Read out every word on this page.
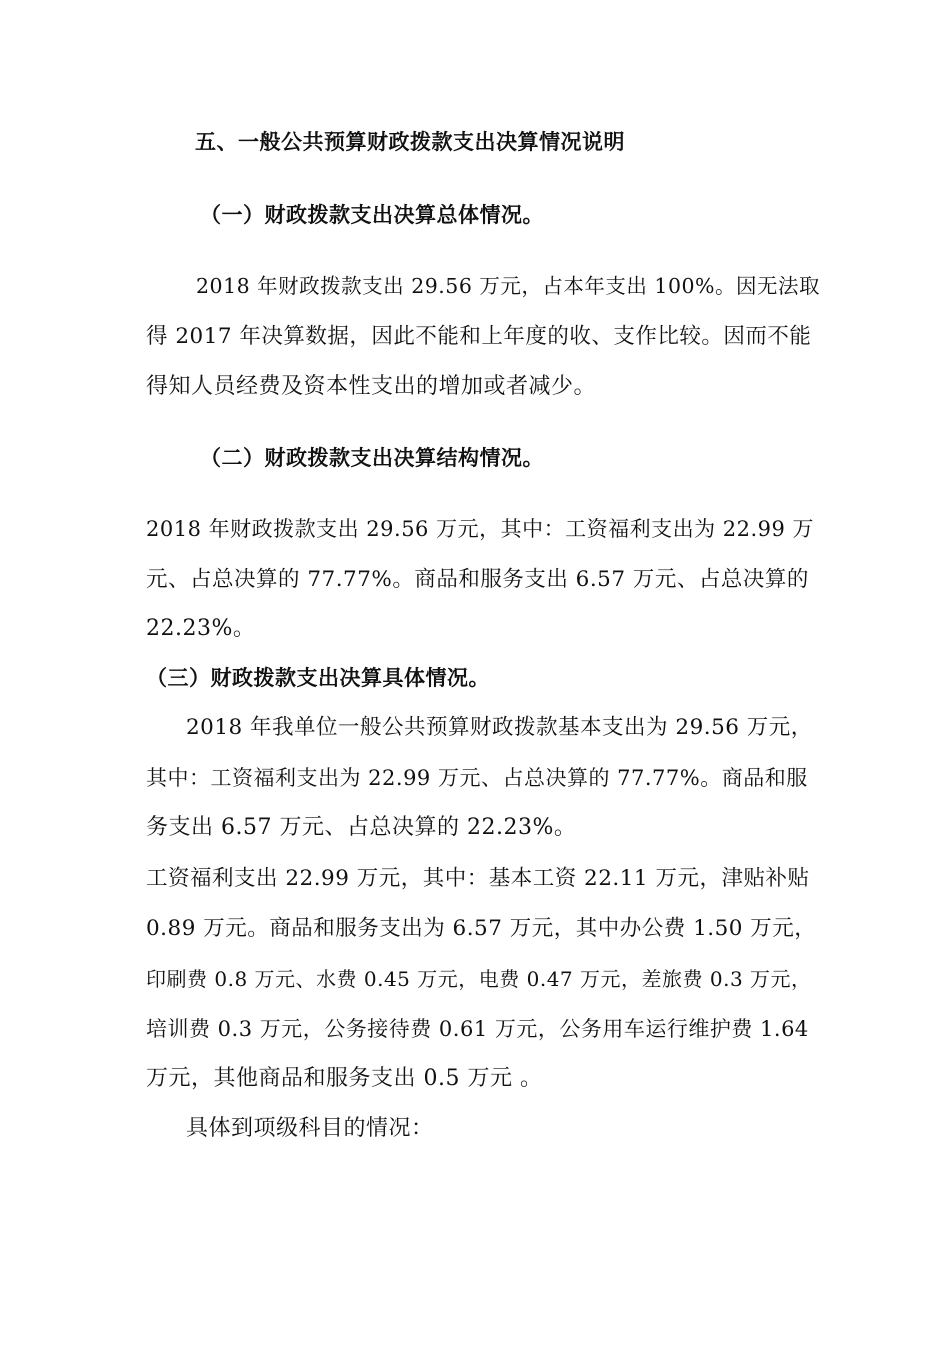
五、一般公共预算财政拨款支出决算情况说明
（一）财政拨款支出决算总体情况。
2018 年财政拨款支出 29.56 万元，占本年支出 100%。因无法取
得 2017 年决算数据，因此不能和上年度的收、支作比较。因而不能
得知人员经费及资本性支出的增加或者减少。
（二）财政拨款支出决算结构情况。
2018 年财政拨款支出 29.56 万元，其中：工资福利支出为 22.99 万
元、占总决算的 77.77%。商品和服务支出 6.57 万元、占总决算的
22.23%。
（三）财政拨款支出决算具体情况。
2018 年我单位一般公共预算财政拨款基本支出为 29.56 万元，
其中：工资福利支出为 22.99 万元、占总决算的 77.77%。商品和服
务支出 6.57 万元、占总决算的 22.23%。
工资福利支出 22.99 万元，其中：基本工资 22.11 万元，津贴补贴
0.89 万元。商品和服务支出为 6.57 万元，其中办公费 1.50 万元，
印刷费 0.8 万元、水费 0.45 万元，电费 0.47 万元，差旅费 0.3 万元，
培训费 0.3 万元，公务接待费 0.61 万元，公务用车运行维护费 1.64
万元，其他商品和服务支出 0.5 万元 。
具体到项级科目的情况：
